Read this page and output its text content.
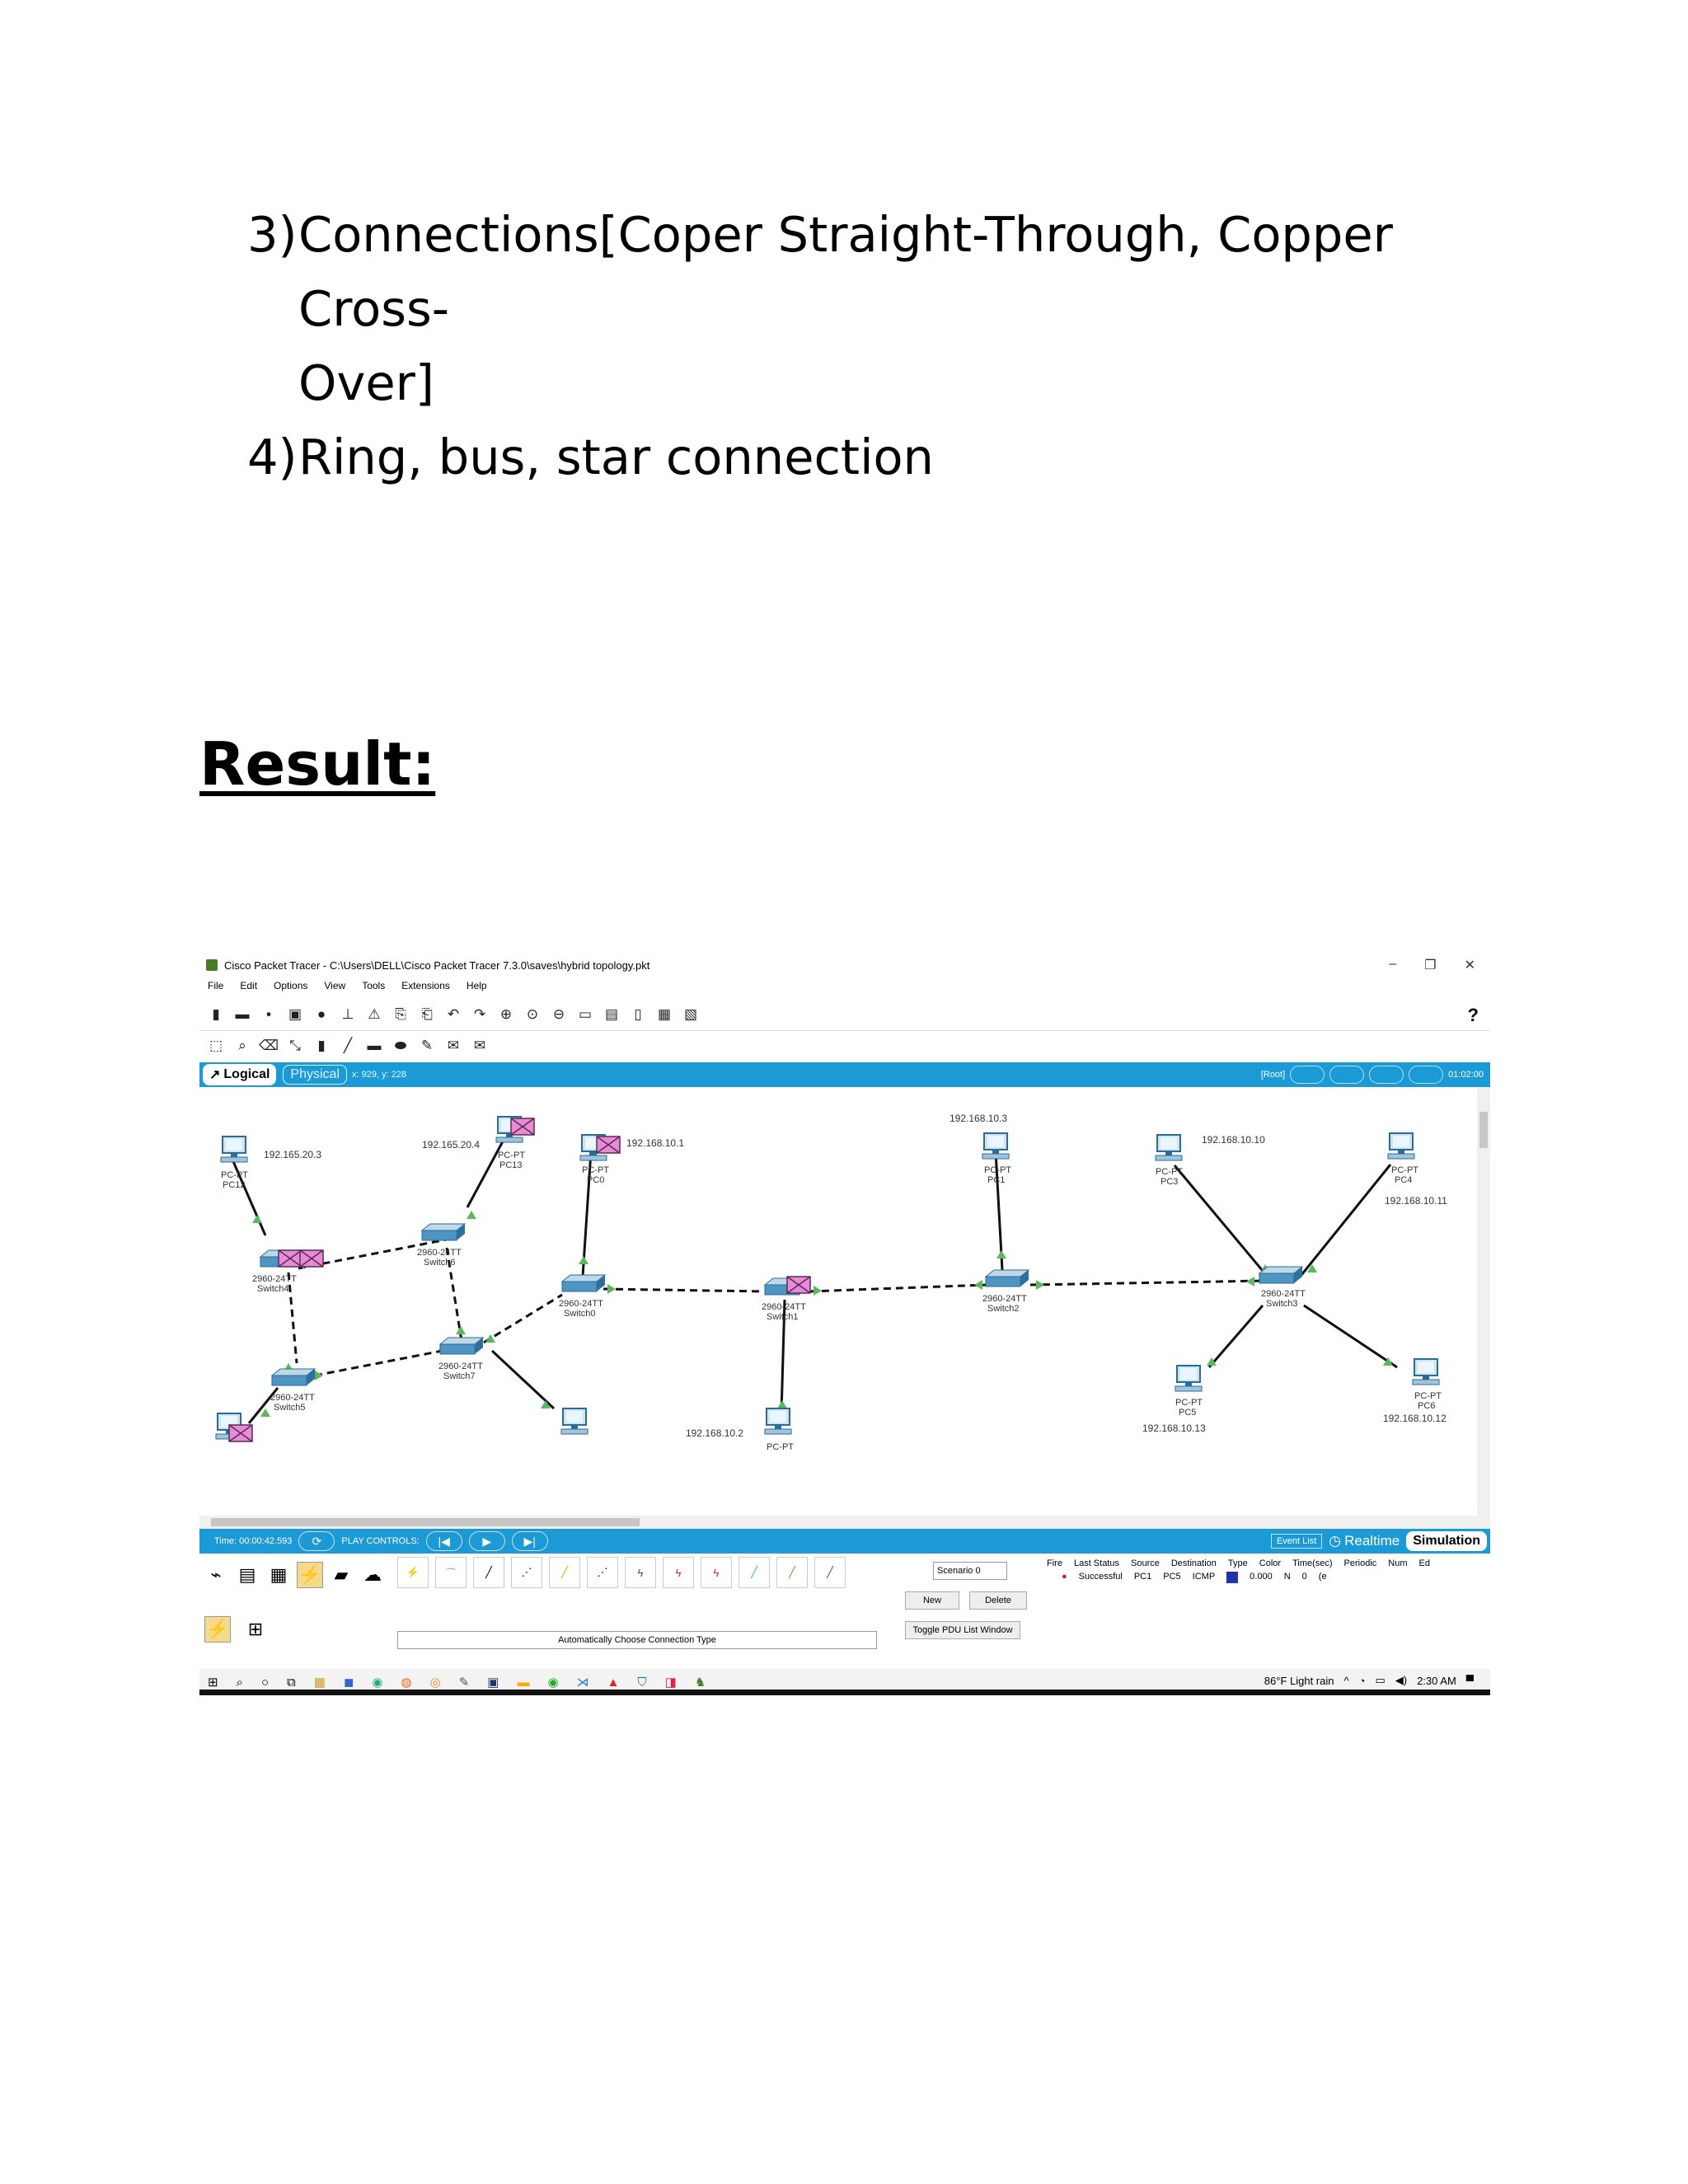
3) Connections[Coper Straight-Through, Copper Cross-
Over]
4) Ring, bus, star connection
Result:
Cisco Packet Tracer - C:\Users\DELL\Cisco Packet Tracer 7.3.0\saves\hybrid topology.pkt	– ❐ ✕
File Edit Options View Tools Extensions Help
▮	▬	▪	▣ ● ⊥ ⚠ ⎘ ⎗ ↶ ↷ ⊕ ⊙ ⊖ ▭ ▤	▯	▦ ▧	?
⬚	⌕ ⌫ ⤡	▮	╱ ▬ ⬬ ✎ ✉ ✉
↗ Logical	Physical	x: 929, y: 228	[Root]	01:02:00
192.165.20.3
PC-PT
PC12
192.165.20.4
PC-PT
PC13
192.168.10.1
PC-PT
PC0
192.168.10.3
PC-PT
PC1
192.168.10.10
PC-PT
PC3
PC-PT
PC4
192.168.10.11
PC-PT
PC5
192.168.10.13
PC-PT
PC6
192.168.10.12
192.168.10.2
PC-PT
2960-24TT
Switch4
2960-24TT
Switch6
2960-24TT
Switch0
2960-24TT
Switch1
2960-24TT
Switch2
2960-24TT
Switch3
2960-24TT
Switch7
2960-24TT
Switch5
Time: 00:00:42.593	⟳	PLAY CONTROLS:	|◀	▶	▶|	Event List ◷ Realtime	Simulation
⌁ ▤ ▦ ⚡ ▰ ☁
⚡	⊞
⚡	⌒	╱	⋰	╱	⋰	ϟ	ϟ	ϟ	╱	╱	╱
Automatically Choose Connection Type
Scenario 0
New	Delete
Toggle PDU List Window
Fire Last Status Source Destination Type Color Time(sec) Periodic Num Ed
● Successful PC1 PC5 ICMP	0.000 N 0 (e
⊞ ⌕ ○ ⧉ ▦ ◼ ◉ ◍ ◎ ✎ ▣ ▬ ◉ ⋊ ▲ ⛉ ◨ ♞	86°F Light rain ^ ◔ ▭ ◀) 2:30 AM ▀
